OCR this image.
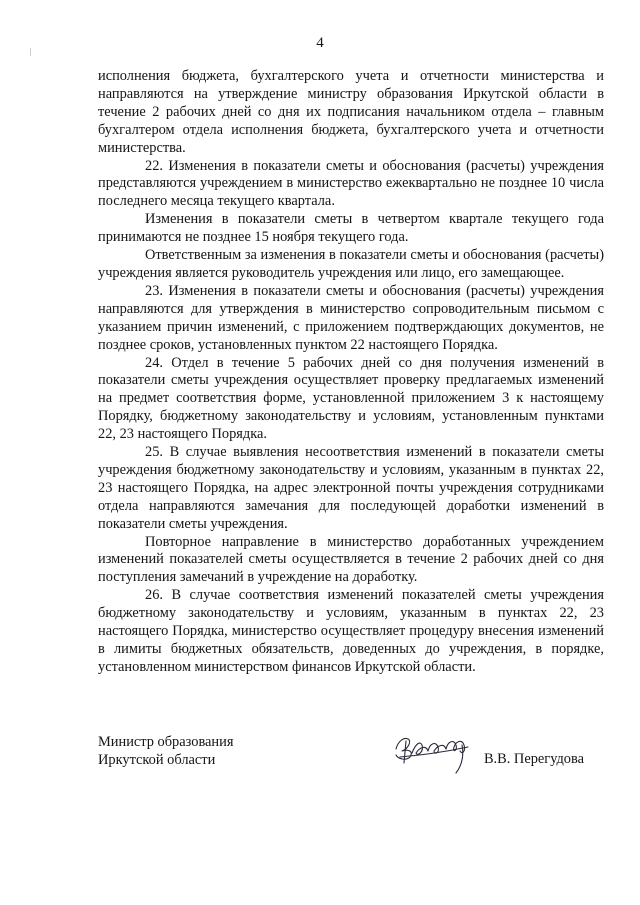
4

исполнения бюджета, бухгалтерского учета и отчетности министерства и направляются на утверждение министру образования Иркутской области в течение 2 рабочих дней со дня их подписания начальником отдела – главным бухгалтером отдела исполнения бюджета, бухгалтерского учета и отчетности министерства.

22. Изменения в показатели сметы и обоснования (расчеты) учреждения представляются учреждением в министерство ежеквартально не позднее 10 числа последнего месяца текущего квартала.

Изменения в показатели сметы в четвертом квартале текущего года принимаются не позднее 15 ноября текущего года.

Ответственным за изменения в показатели сметы и обоснования (расчеты) учреждения является руководитель учреждения или лицо, его замещающее.

23. Изменения в показатели сметы и обоснования (расчеты) учреждения направляются для утверждения в министерство сопроводительным письмом с указанием причин изменений, с приложением подтверждающих документов, не позднее сроков, установленных пунктом 22 настоящего Порядка.

24. Отдел в течение 5 рабочих дней со дня получения изменений в показатели сметы учреждения осуществляет проверку предлагаемых изменений на предмет соответствия форме, установленной приложением 3 к настоящему Порядку, бюджетному законодательству и условиям, установленным пунктами 22, 23 настоящего Порядка.

25. В случае выявления несоответствия изменений в показатели сметы учреждения бюджетному законодательству и условиям, указанным в пунктах 22, 23 настоящего Порядка, на адрес электронной почты учреждения сотрудниками отдела направляются замечания для последующей доработки изменений в показатели сметы учреждения.

Повторное направление в министерство доработанных учреждением изменений показателей сметы осуществляется в течение 2 рабочих дней со дня поступления замечаний в учреждение на доработку.

26. В случае соответствия изменений показателей сметы учреждения бюджетному законодательству и условиям, указанным в пунктах 22, 23 настоящего Порядка, министерство осуществляет процедуру внесения изменений в лимиты бюджетных обязательств, доведенных до учреждения, в порядке, установленном министерством финансов Иркутской области.

Министр образования
Иркутской области	В.В. Перегудова
